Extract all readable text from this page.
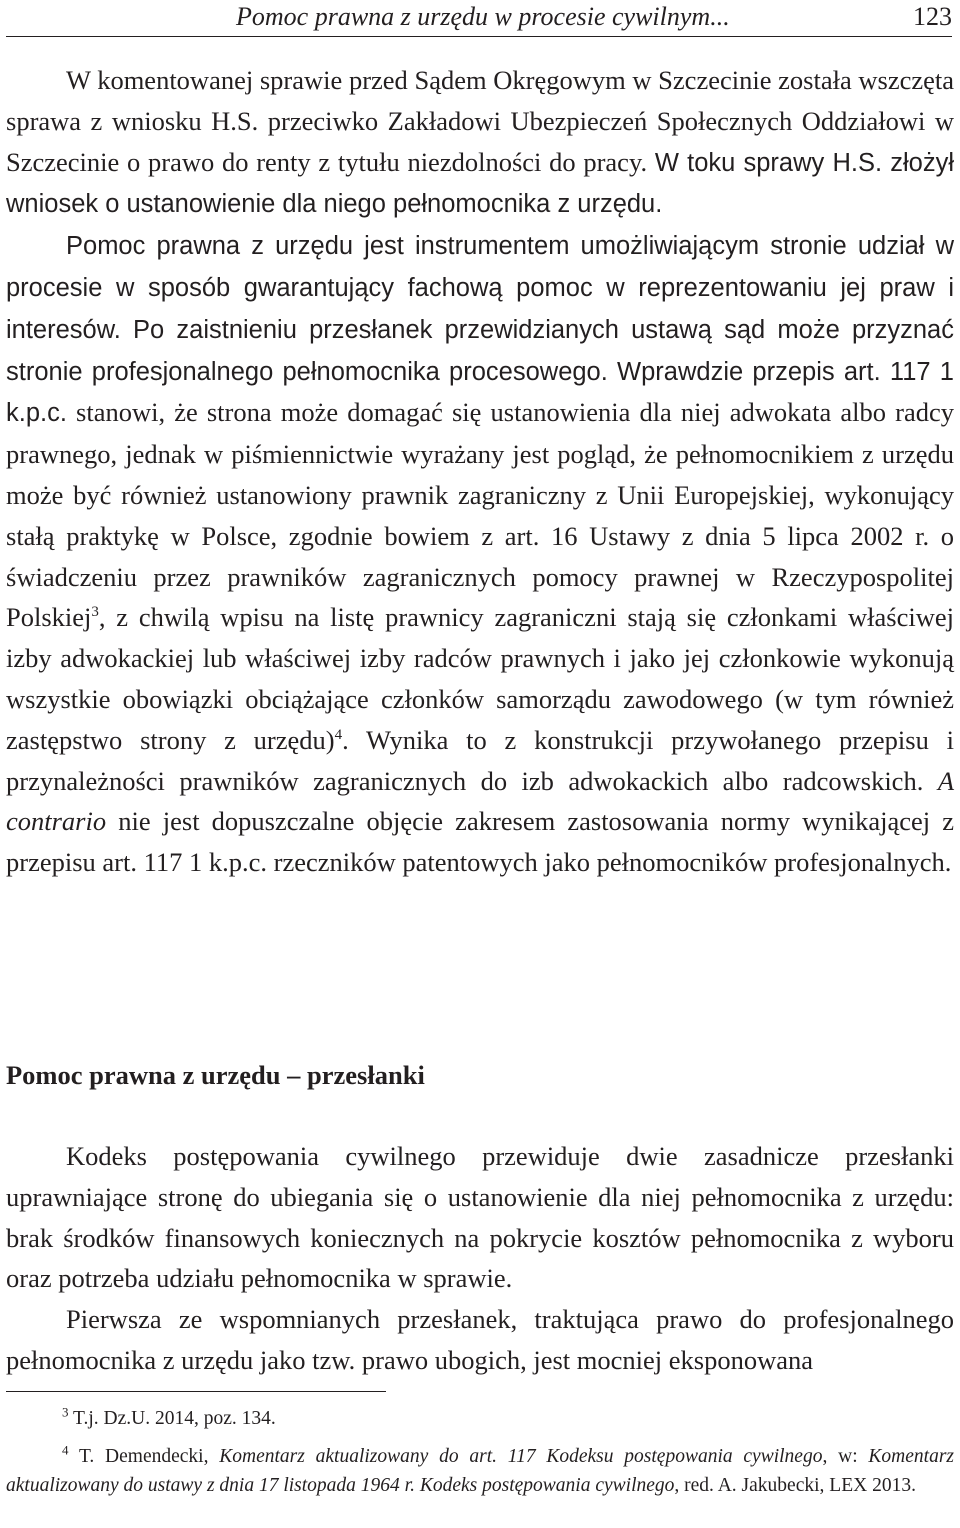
Pomoc prawna z urzędu w procesie cywilnym...	123

W komentowanej sprawie przed Sądem Okręgowym w Szczecinie została wszczęta sprawa z wniosku H.S. przeciwko Zakładowi Ubezpieczeń Społecznych Oddziałowi w Szczecinie o prawo do renty z tytułu niezdolności do pracy. W toku sprawy H.S. złożył wniosek o ustanowienie dla niego pełnomocnika z urzędu.

Pomoc prawna z urzędu jest instrumentem umożliwiającym stronie udział w procesie w sposób gwarantujący fachową pomoc w reprezentowaniu jej praw i interesów. Po zaistnieniu przesłanek przewidzianych ustawą sąd może przyznać stronie profesjonalnego pełnomocnika procesowego. Wprawdzie przepis art. 117 1 k.p.c. stanowi, że strona może domagać się ustanowienia dla niej adwokata albo radcy prawnego, jednak w piśmiennictwie wyrażany jest pogląd, że pełnomocnikiem z urzędu może być również ustanowiony prawnik zagraniczny z Unii Europejskiej, wykonujący stałą praktykę w Polsce, zgodnie bowiem z art. 16 Ustawy z dnia 5 lipca 2002 r. o świadczeniu przez prawników zagranicznych pomocy prawnej w Rzeczypospolitej Polskiej$^3$, z chwilą wpisu na listę prawnicy zagraniczni stają się członkami właściwej izby adwokackiej lub właściwej izby radców prawnych i jako jej członkowie wykonują wszystkie obowiązki obciążające członków samorządu zawodowego (w tym również zastępstwo strony z urzędu)$^4$. Wynika to z konstrukcji przywołanego przepisu i przynależności prawników zagranicznych do izb adwokackich albo radcowskich. A contrario nie jest dopuszczalne objęcie zakresem zastosowania normy wynikającej z przepisu art. 117 1 k.p.c. rzeczników patentowych jako pełnomocników profesjonalnych.

Pomoc prawna z urzędu – przesłanki

Kodeks postępowania cywilnego przewiduje dwie zasadnicze przesłanki uprawniające stronę do ubiegania się o ustanowienie dla niej pełnomocnika z urzędu: brak środków finansowych koniecznych na pokrycie kosztów pełnomocnika z wyboru oraz potrzeba udziału pełnomocnika w sprawie.

Pierwsza ze wspomnianych przesłanek, traktująca prawo do profesjonalnego pełnomocnika z urzędu jako tzw. prawo ubogich, jest mocniej eksponowana

$^3$ T.j. Dz.U. 2014, poz. 134.

$^4$ T. Demendecki, Komentarz aktualizowany do art. 117 Kodeksu postępowania cywilnego, w: Komentarz aktualizowany do ustawy z dnia 17 listopada 1964 r. Kodeks postępowania cywilnego, red. A. Jakubecki, LEX 2013.
